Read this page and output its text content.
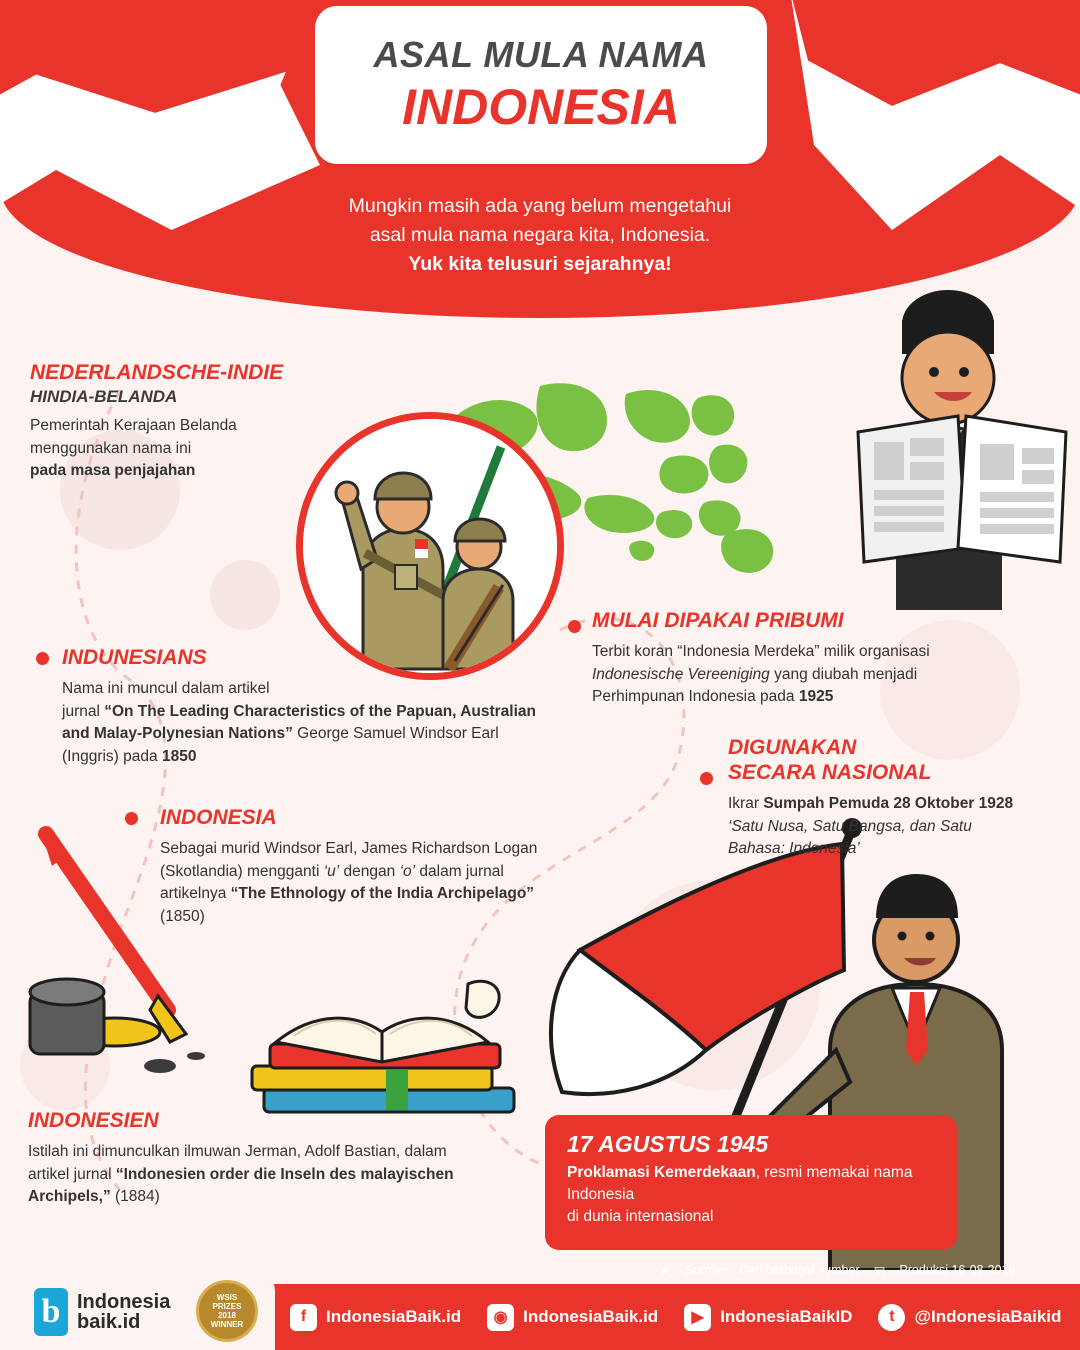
ASAL MULA NAMA
INDONESIA
Mungkin masih ada yang belum mengetahui
asal mula nama negara kita, Indonesia.
Yuk kita telusuri sejarahnya!
NEDERLANDSCHE-INDIE
HINDIA-BELANDA

Pemerintah Kerajaan Belanda
menggunakan nama ini
pada masa penjajahan

INDUNESIANS

Nama ini muncul dalam artikel
jurnal “On The Leading Characteristics of the Papuan, Australian and Malay-Polynesian Nations” George Samuel Windsor Earl (Inggris) pada 1850

INDONESIA

Sebagai murid Windsor Earl, James Richardson Logan (Skotlandia) mengganti ‘u’ dengan ‘o’ dalam jurnal artikelnya “The Ethnology of the India Archipelago” (1850)

INDONESIEN

Istilah ini dimunculkan ilmuwan Jerman, Adolf Bastian, dalam artikel jurnal “Indonesien order die Inseln des malayischen Archipels,” (1884)

MULAI DIPAKAI PRIBUMI

Terbit koran “Indonesia Merdeka” milik organisasi Indonesische Vereeniging yang diubah menjadi Perhimpunan Indonesia pada 1925

DIGUNAKAN
SECARA NASIONAL

Ikrar Sumpah Pemuda 28 Oktober 1928 ‘Satu Nusa, Satu Bangsa, dan Satu Bahasa: Indonesia’

17 AGUSTUS 1945

Proklamasi Kemerdekaan, resmi memakai nama Indonesia
di dunia internasional

★ Sumber : Dari berbagai sumber ▤ Produksi 16-08-2018
b Indonesia
baik.id
WSIS
PRIZES
2018
WINNER	f	IndonesiaBaik.id	◉ IndonesiaBaik.id	▶ IndonesiaBaikID	t	@IndonesiaBaikid
